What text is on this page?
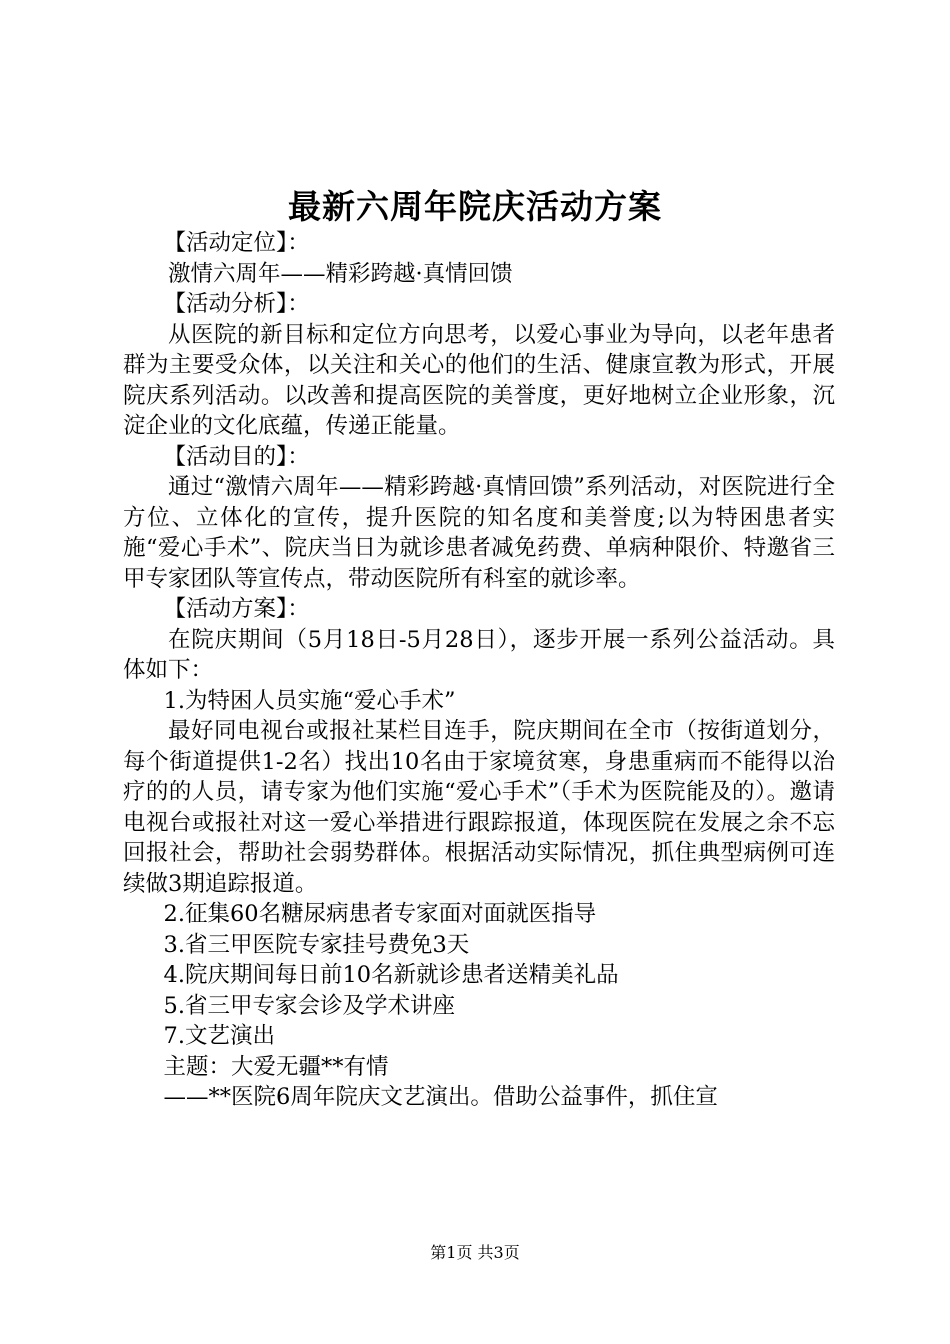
最新六周年院庆活动方案

【活动定位】：

激情六周年——精彩跨越·真情回馈

【活动分析】：

从医院的新目标和定位方向思考，以爱心事业为导向，以老年患者群为主要受众体，以关注和关心的他们的生活、健康宣教为形式，开展院庆系列活动。以改善和提高医院的美誉度，更好地树立企业形象，沉淀企业的文化底蕴，传递正能量。

【活动目的】：

通过“激情六周年——精彩跨越·真情回馈”系列活动，对医院进行全方位、立体化的宣传，提升医院的知名度和美誉度;以为特困患者实施“爱心手术”、院庆当日为就诊患者减免药费、单病种限价、特邀省三甲专家团队等宣传点，带动医院所有科室的就诊率。

【活动方案】：

在院庆期间（5月18日-5月28日），逐步开展一系列公益活动。具体如下：

1.为特困人员实施“爱心手术”

最好同电视台或报社某栏目连手，院庆期间在全市（按街道划分，每个街道提供1-2名）找出10名由于家境贫寒，身患重病而不能得以治疗的的人员，请专家为他们实施“爱心手术”（手术为医院能及的）。邀请电视台或报社对这一爱心举措进行跟踪报道，体现医院在发展之余不忘回报社会，帮助社会弱势群体。根据活动实际情况，抓住典型病例可连续做3期追踪报道。

2.征集60名糖尿病患者专家面对面就医指导

3.省三甲医院专家挂号费免3天

4.院庆期间每日前10名新就诊患者送精美礼品

5.省三甲专家会诊及学术讲座

7.文艺演出

主题：大爱无疆**有情

——**医院6周年院庆文艺演出。借助公益事件，抓住宣

第1页 共3页
